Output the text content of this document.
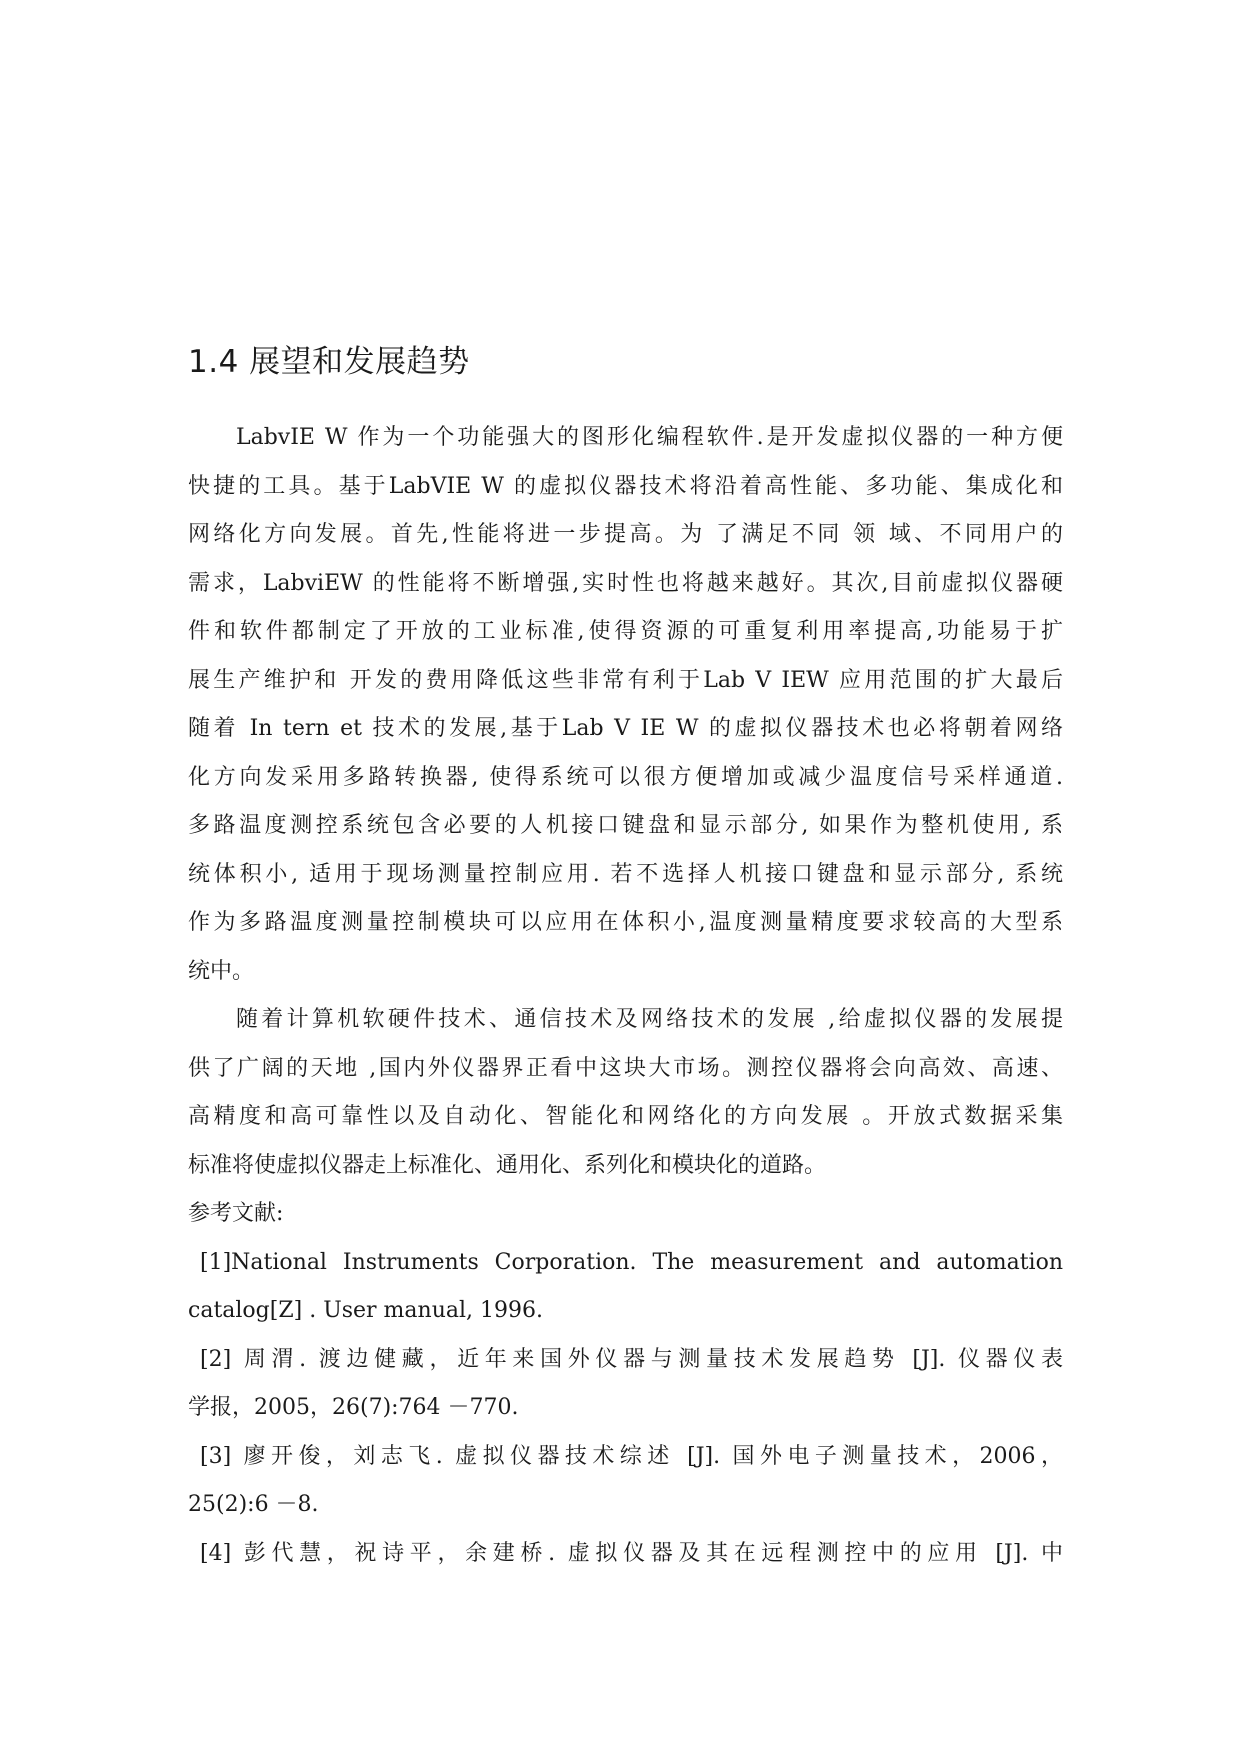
1.4 展望和发展趋势
LabvIE W 作为一个功能强大的图形化编程软件.是开发虚拟仪器的一种方便
快捷的工具。基于LabVIE W 的虚拟仪器技术将沿着高性能、多功能、集成化和
网络化方向发展。首先,性能将进一步提高。为 了满足不同 领 域、不同用户的
需求，LabviEW 的性能将不断增强,实时性也将越来越好。其次,目前虚拟仪器硬
件和软件都制定了开放的工业标准,使得资源的可重复利用率提高,功能易于扩
展生产维护和 开发的费用降低这些非常有利于Lab V IEW 应用范围的扩大最后
随着 In tern et 技术的发展,基于Lab V IE W 的虚拟仪器技术也必将朝着网络
化方向发采用多路转换器, 使得系统可以很方便增加或减少温度信号采样通道.
多路温度测控系统包含必要的人机接口键盘和显示部分, 如果作为整机使用, 系
统体积小, 适用于现场测量控制应用. 若不选择人机接口键盘和显示部分, 系统
作为多路温度测量控制模块可以应用在体积小,温度测量精度要求较高的大型系
统中。
随着计算机软硬件技术、通信技术及网络技术的发展 ,给虚拟仪器的发展提
供了广阔的天地 ,国内外仪器界正看中这块大市场。测控仪器将会向高效、高速、
高精度和高可靠性以及自动化、智能化和网络化的方向发展 。开放式数据采集
标准将使虚拟仪器走上标准化、通用化、系列化和模块化的道路。
参考文献:
[1]National Instruments Corporation. The measurement and automation
catalog[Z] . User manual, 1996.
[2] 周渭. 渡边健藏，近年来国外仪器与测量技术发展趋势 [J]. 仪器仪表
学报，2005，26(7):764 －770.
[3] 廖开俊，刘志飞. 虚拟仪器技术综述 [J]. 国外电子测量技术，2006，
25(2):6 －8.
[4] 彭代慧，祝诗平，余建桥. 虚拟仪器及其在远程测控中的应用 [J]. 中
